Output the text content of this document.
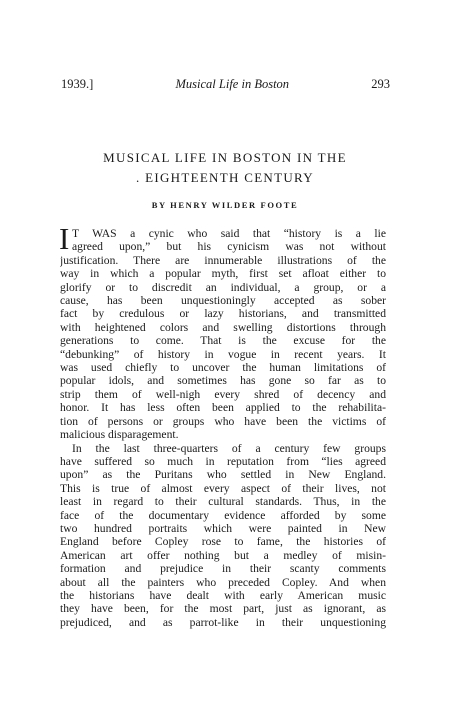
1939.]	Musical Life in Boston	293
MUSICAL LIFE IN BOSTON IN THE
. EIGHTEENTH CENTURY
BY HENRY WILDER FOOTE
I T WAS a cynic who said that “history is a lie
agreed upon,” but his cynicism was not without
justification. There are innumerable illustrations of the
way in which a popular myth, first set afloat either to
glorify or to discredit an individual, a group, or a
cause, has been unquestioningly accepted as sober
fact by credulous or lazy historians, and transmitted
with heightened colors and swelling distortions through
generations to come. That is the excuse for the
“debunking” of history in vogue in recent years. It
was used chiefly to uncover the human limitations of
popular idols, and sometimes has gone so far as to
strip them of well-nigh every shred of decency and
honor. It has less often been applied to the rehabilita-
tion of persons or groups who have been the victims of
malicious disparagement.
In the last three-quarters of a century few groups
have suffered so much in reputation from “lies agreed
upon” as the Puritans who settled in New England.
This is true of almost every aspect of their lives, not
least in regard to their cultural standards. Thus, in the
face of the documentary evidence afforded by some
two hundred portraits which were painted in New
England before Copley rose to fame, the histories of
American art offer nothing but a medley of misin-
formation and prejudice in their scanty comments
about all the painters who preceded Copley. And when
the historians have dealt with early American music
they have been, for the most part, just as ignorant, as
prejudiced, and as parrot-like in their unquestioning
